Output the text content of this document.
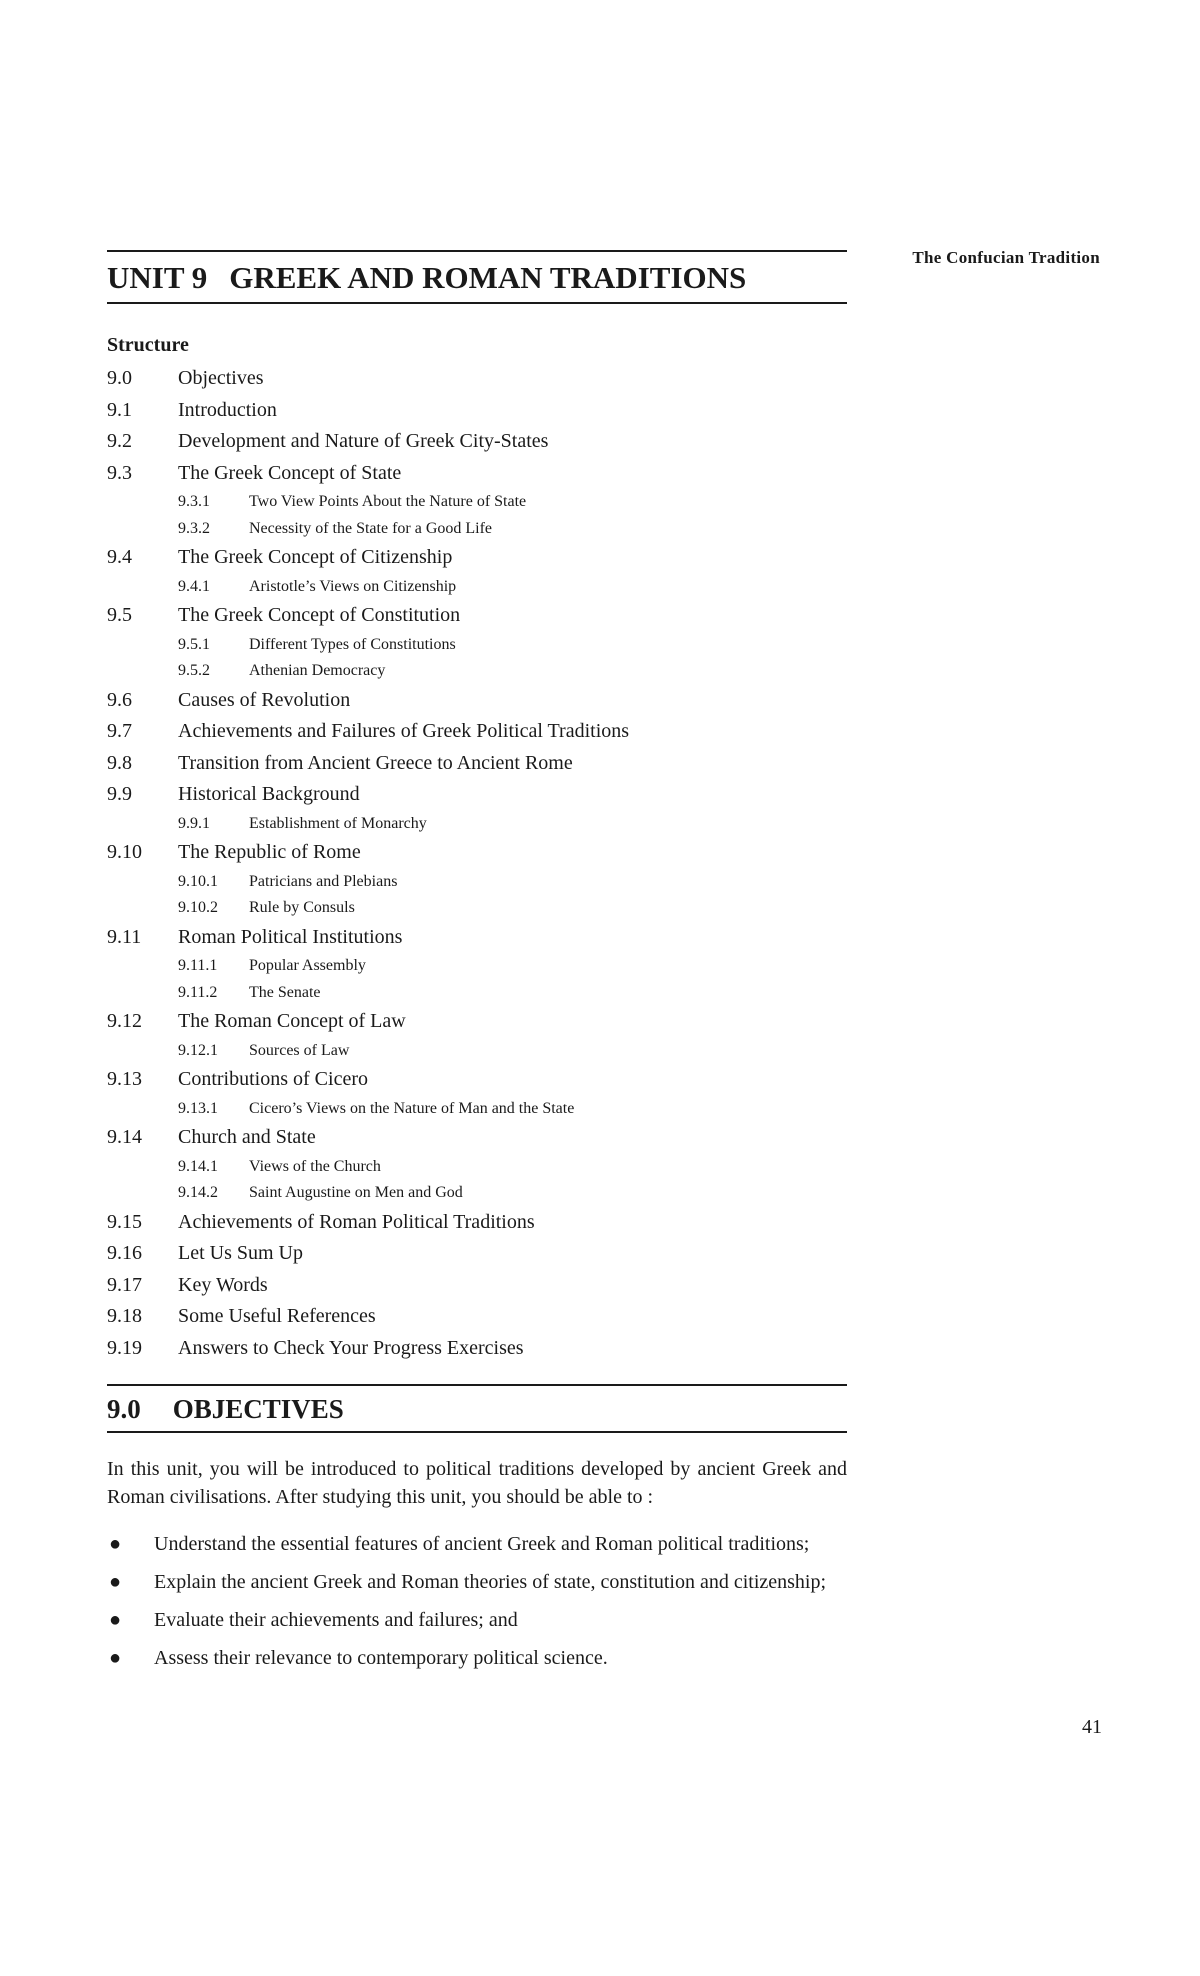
The Confucian Tradition
UNIT 9 GREEK AND ROMAN TRADITIONS
Structure
9.0	Objectives
9.1	Introduction
9.2	Development and Nature of Greek City-States
9.3	The Greek Concept of State
9.3.1	Two View Points About the Nature of State
9.3.2	Necessity of the State for a Good Life
9.4	The Greek Concept of Citizenship
9.4.1	Aristotle’s Views on Citizenship
9.5	The Greek Concept of Constitution
9.5.1	Different Types of Constitutions
9.5.2	Athenian Democracy
9.6	Causes of Revolution
9.7	Achievements and Failures of Greek Political Traditions
9.8	Transition from Ancient Greece to Ancient Rome
9.9	Historical Background
9.9.1	Establishment of Monarchy
9.10	The Republic of Rome
9.10.1	Patricians and Plebians
9.10.2	Rule by Consuls
9.11	Roman Political Institutions
9.11.1	Popular Assembly
9.11.2	The Senate
9.12	The Roman Concept of Law
9.12.1	Sources of Law
9.13	Contributions of Cicero
9.13.1	Cicero’s Views on the Nature of Man and the State
9.14	Church and State
9.14.1	Views of the Church
9.14.2	Saint Augustine on Men and God
9.15	Achievements of Roman Political Traditions
9.16	Let Us Sum Up
9.17	Key Words
9.18	Some Useful References
9.19	Answers to Check Your Progress Exercises
9.0 OBJECTIVES

In this unit, you will be introduced to political traditions developed by ancient Greek and Roman civilisations. After studying this unit, you should be able to :

●	Understand the essential features of ancient Greek and Roman political traditions;
●	Explain the ancient Greek and Roman theories of state, constitution and citizenship;
●	Evaluate their achievements and failures; and
●	Assess their relevance to contemporary political science.
41
